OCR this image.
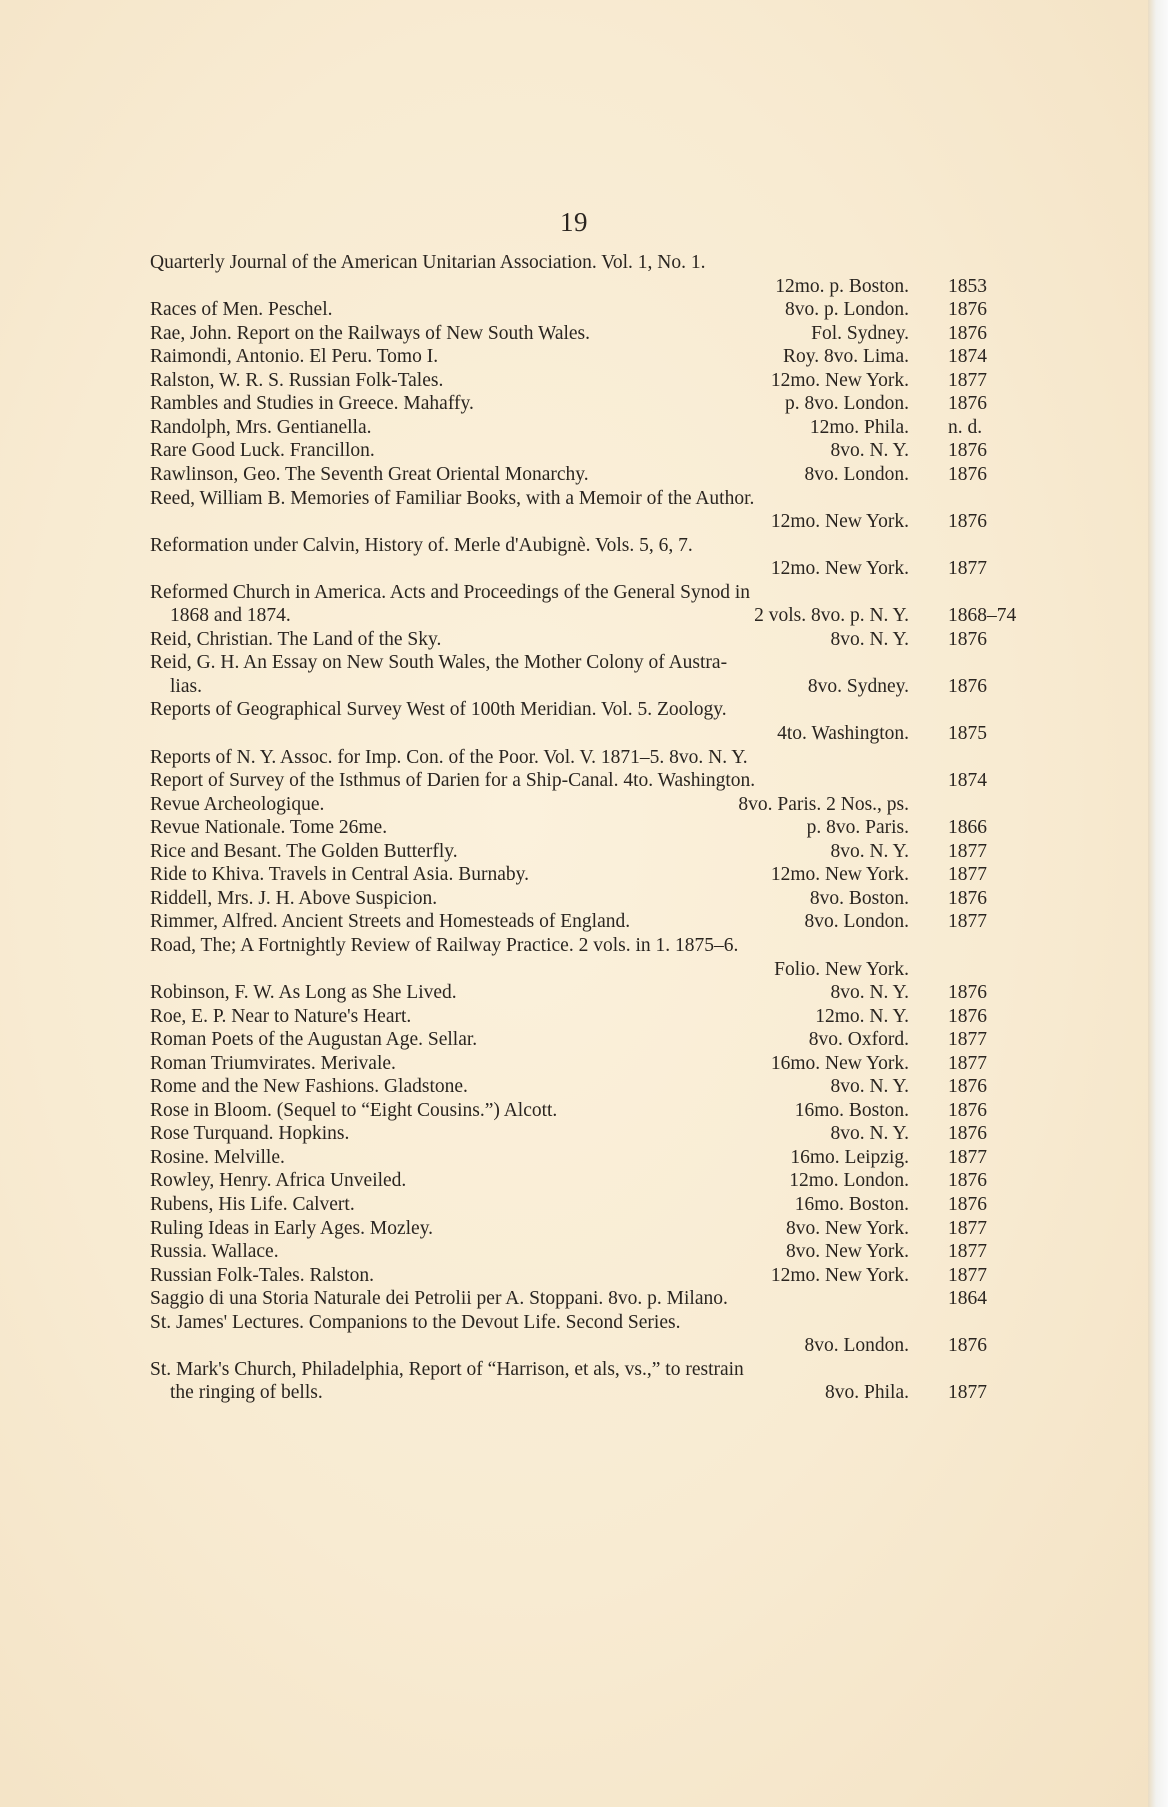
19
Quarterly Journal of the American Unitarian Association. Vol. 1, No. 1.
12mo. p. Boston. 1853
Races of Men. Peschel.	8vo. p. London. 1876
Rae, John. Report on the Railways of New South Wales.	Fol. Sydney. 1876
Raimondi, Antonio. El Peru. Tomo I.	Roy. 8vo. Lima. 1874
Ralston, W. R. S. Russian Folk-Tales.	12mo. New York. 1877
Rambles and Studies in Greece. Mahaffy.	p. 8vo. London. 1876
Randolph, Mrs. Gentianella.	12mo. Phila. n. d.
Rare Good Luck. Francillon.	8vo. N. Y. 1876
Rawlinson, Geo. The Seventh Great Oriental Monarchy.	8vo. London. 1876
Reed, William B. Memories of Familiar Books, with a Memoir of the Author.
12mo. New York. 1876
Reformation under Calvin, History of. Merle d'Aubignè. Vols. 5, 6, 7.
12mo. New York. 1877
Reformed Church in America. Acts and Proceedings of the General Synod in
1868 and 1874.	2 vols. 8vo. p. N. Y. 1868–74
Reid, Christian. The Land of the Sky.	8vo. N. Y. 1876
Reid, G. H. An Essay on New South Wales, the Mother Colony of Austra-
lias.	8vo. Sydney. 1876
Reports of Geographical Survey West of 100th Meridian. Vol. 5. Zoology.
4to. Washington. 1875
Reports of N. Y. Assoc. for Imp. Con. of the Poor. Vol. V. 1871–5. 8vo. N. Y.
Report of Survey of the Isthmus of Darien for a Ship-Canal. 4to. Washington.	1874
Revue Archeologique.	8vo. Paris. 2 Nos., ps.
Revue Nationale. Tome 26me.	p. 8vo. Paris. 1866
Rice and Besant. The Golden Butterfly.	8vo. N. Y. 1877
Ride to Khiva. Travels in Central Asia. Burnaby.	12mo. New York. 1877
Riddell, Mrs. J. H. Above Suspicion.	8vo. Boston. 1876
Rimmer, Alfred. Ancient Streets and Homesteads of England.	8vo. London. 1877
Road, The; A Fortnightly Review of Railway Practice. 2 vols. in 1. 1875–6.
Folio. New York.
Robinson, F. W. As Long as She Lived.	8vo. N. Y. 1876
Roe, E. P. Near to Nature's Heart.	12mo. N. Y. 1876
Roman Poets of the Augustan Age. Sellar.	8vo. Oxford. 1877
Roman Triumvirates. Merivale.	16mo. New York. 1877
Rome and the New Fashions. Gladstone.	8vo. N. Y. 1876
Rose in Bloom. (Sequel to “Eight Cousins.”) Alcott.	16mo. Boston. 1876
Rose Turquand. Hopkins.	8vo. N. Y. 1876
Rosine. Melville.	16mo. Leipzig. 1877
Rowley, Henry. Africa Unveiled.	12mo. London. 1876
Rubens, His Life. Calvert.	16mo. Boston. 1876
Ruling Ideas in Early Ages. Mozley.	8vo. New York. 1877
Russia. Wallace.	8vo. New York. 1877
Russian Folk-Tales. Ralston.	12mo. New York. 1877
Saggio di una Storia Naturale dei Petrolii per A. Stoppani. 8vo. p. Milano.	1864
St. James' Lectures. Companions to the Devout Life. Second Series.
8vo. London. 1876
St. Mark's Church, Philadelphia, Report of “Harrison, et als, vs.,” to restrain
the ringing of bells.	8vo. Phila. 1877
